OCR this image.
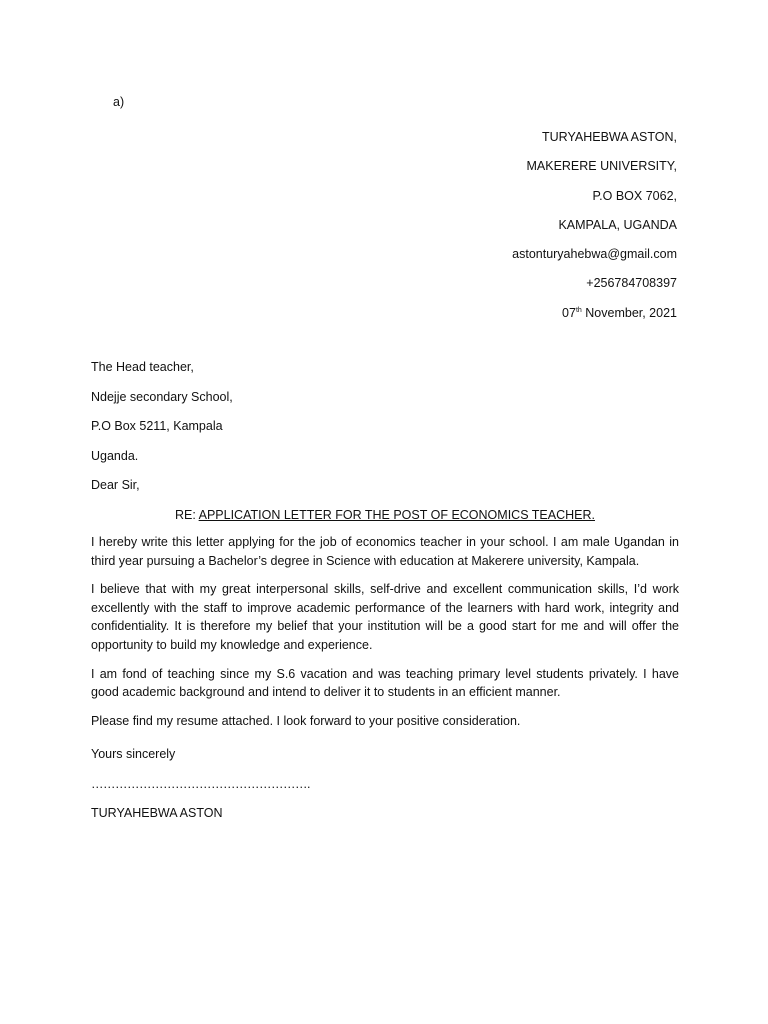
a)
TURYAHEBWA ASTON,
MAKERERE UNIVERSITY,
P.O BOX 7062,
KAMPALA, UGANDA
astonturyahebwa@gmail.com
+256784708397
07th November, 2021
The Head teacher,
Ndejje secondary School,
P.O Box 5211, Kampala
Uganda.
Dear Sir,
RE: APPLICATION LETTER FOR THE POST OF ECONOMICS TEACHER.
I hereby write this letter applying for the job of economics teacher in your school. I am male Ugandan in third year pursuing a Bachelor’s degree in Science with education at Makerere university, Kampala.
I believe that with my great interpersonal skills, self-drive and excellent communication skills, I’d work excellently with the staff to improve academic performance of the learners with hard work, integrity and confidentiality. It is therefore my belief that your institution will be a good start for me and will offer the opportunity to build my knowledge and experience.
I am fond of teaching since my S.6 vacation and was teaching primary level students privately. I have good academic background and intend to deliver it to students in an efficient manner.
Please find my resume attached. I look forward to your positive consideration.
Yours sincerely
……………………………………………….
TURYAHEBWA ASTON
